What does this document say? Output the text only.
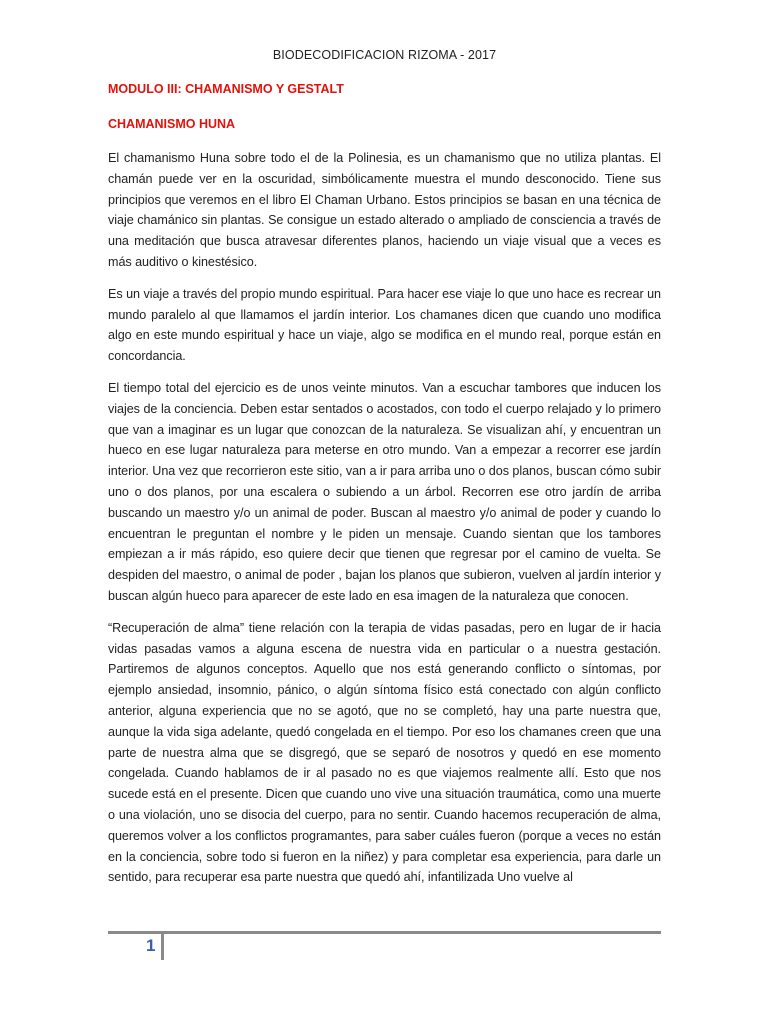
BIODECODIFICACION RIZOMA - 2017
MODULO III: CHAMANISMO Y GESTALT
CHAMANISMO HUNA

El chamanismo Huna sobre todo el de la Polinesia, es un chamanismo que no utiliza plantas. El chamán puede ver en la oscuridad, simbólicamente muestra el mundo desconocido. Tiene sus principios que veremos en el libro El Chaman Urbano. Estos principios se basan en una técnica de viaje chamánico sin plantas. Se consigue un estado alterado o ampliado de consciencia a través de una meditación que busca atravesar diferentes planos, haciendo un viaje visual que a veces es más auditivo o kinestésico.

Es un viaje a través del propio mundo espiritual. Para hacer ese viaje lo que uno hace es recrear un mundo paralelo al que llamamos el jardín interior. Los chamanes dicen que cuando uno modifica algo en este mundo espiritual y hace un viaje, algo se modifica en el mundo real, porque están en concordancia.

El tiempo total del ejercicio es de unos veinte minutos. Van a escuchar tambores que inducen los viajes de la conciencia. Deben estar sentados o acostados, con todo el cuerpo relajado y lo primero que van a imaginar es un lugar que conozcan de la naturaleza. Se visualizan ahí, y encuentran un hueco en ese lugar naturaleza para meterse en otro mundo. Van a empezar a recorrer ese jardín interior. Una vez que recorrieron este sitio, van a ir para arriba uno o dos planos, buscan cómo subir uno o dos planos, por una escalera o subiendo a un árbol. Recorren ese otro jardín de arriba buscando un maestro y/o un animal de poder. Buscan al maestro y/o animal de poder y cuando lo encuentran le preguntan el nombre y le piden un mensaje. Cuando sientan que los tambores empiezan a ir más rápido, eso quiere decir que tienen que regresar por el camino de vuelta. Se despiden del maestro, o animal de poder , bajan los planos que subieron, vuelven al jardín interior y buscan algún hueco para aparecer de este lado en esa imagen de la naturaleza que conocen.

“Recuperación de alma” tiene relación con la terapia de vidas pasadas, pero en lugar de ir hacia vidas pasadas vamos a alguna escena de nuestra vida en particular o a nuestra gestación. Partiremos de algunos conceptos. Aquello que nos está generando conflicto o síntomas, por ejemplo ansiedad, insomnio, pánico, o algún síntoma físico está conectado con algún conflicto anterior, alguna experiencia que no se agotó, que no se completó, hay una parte nuestra que, aunque la vida siga adelante, quedó congelada en el tiempo. Por eso los chamanes creen que una parte de nuestra alma que se disgregó, que se separó de nosotros y quedó en ese momento congelada. Cuando hablamos de ir al pasado no es que viajemos realmente allí. Esto que nos sucede está en el presente. Dicen que cuando uno vive una situación traumática, como una muerte o una violación, uno se disocia del cuerpo, para no sentir. Cuando hacemos recuperación de alma, queremos volver a los conflictos programantes, para saber cuáles fueron (porque a veces no están en la conciencia, sobre todo si fueron en la niñez) y para completar esa experiencia, para darle un sentido, para recuperar esa parte nuestra que quedó ahí, infantilizada Uno vuelve al

1
